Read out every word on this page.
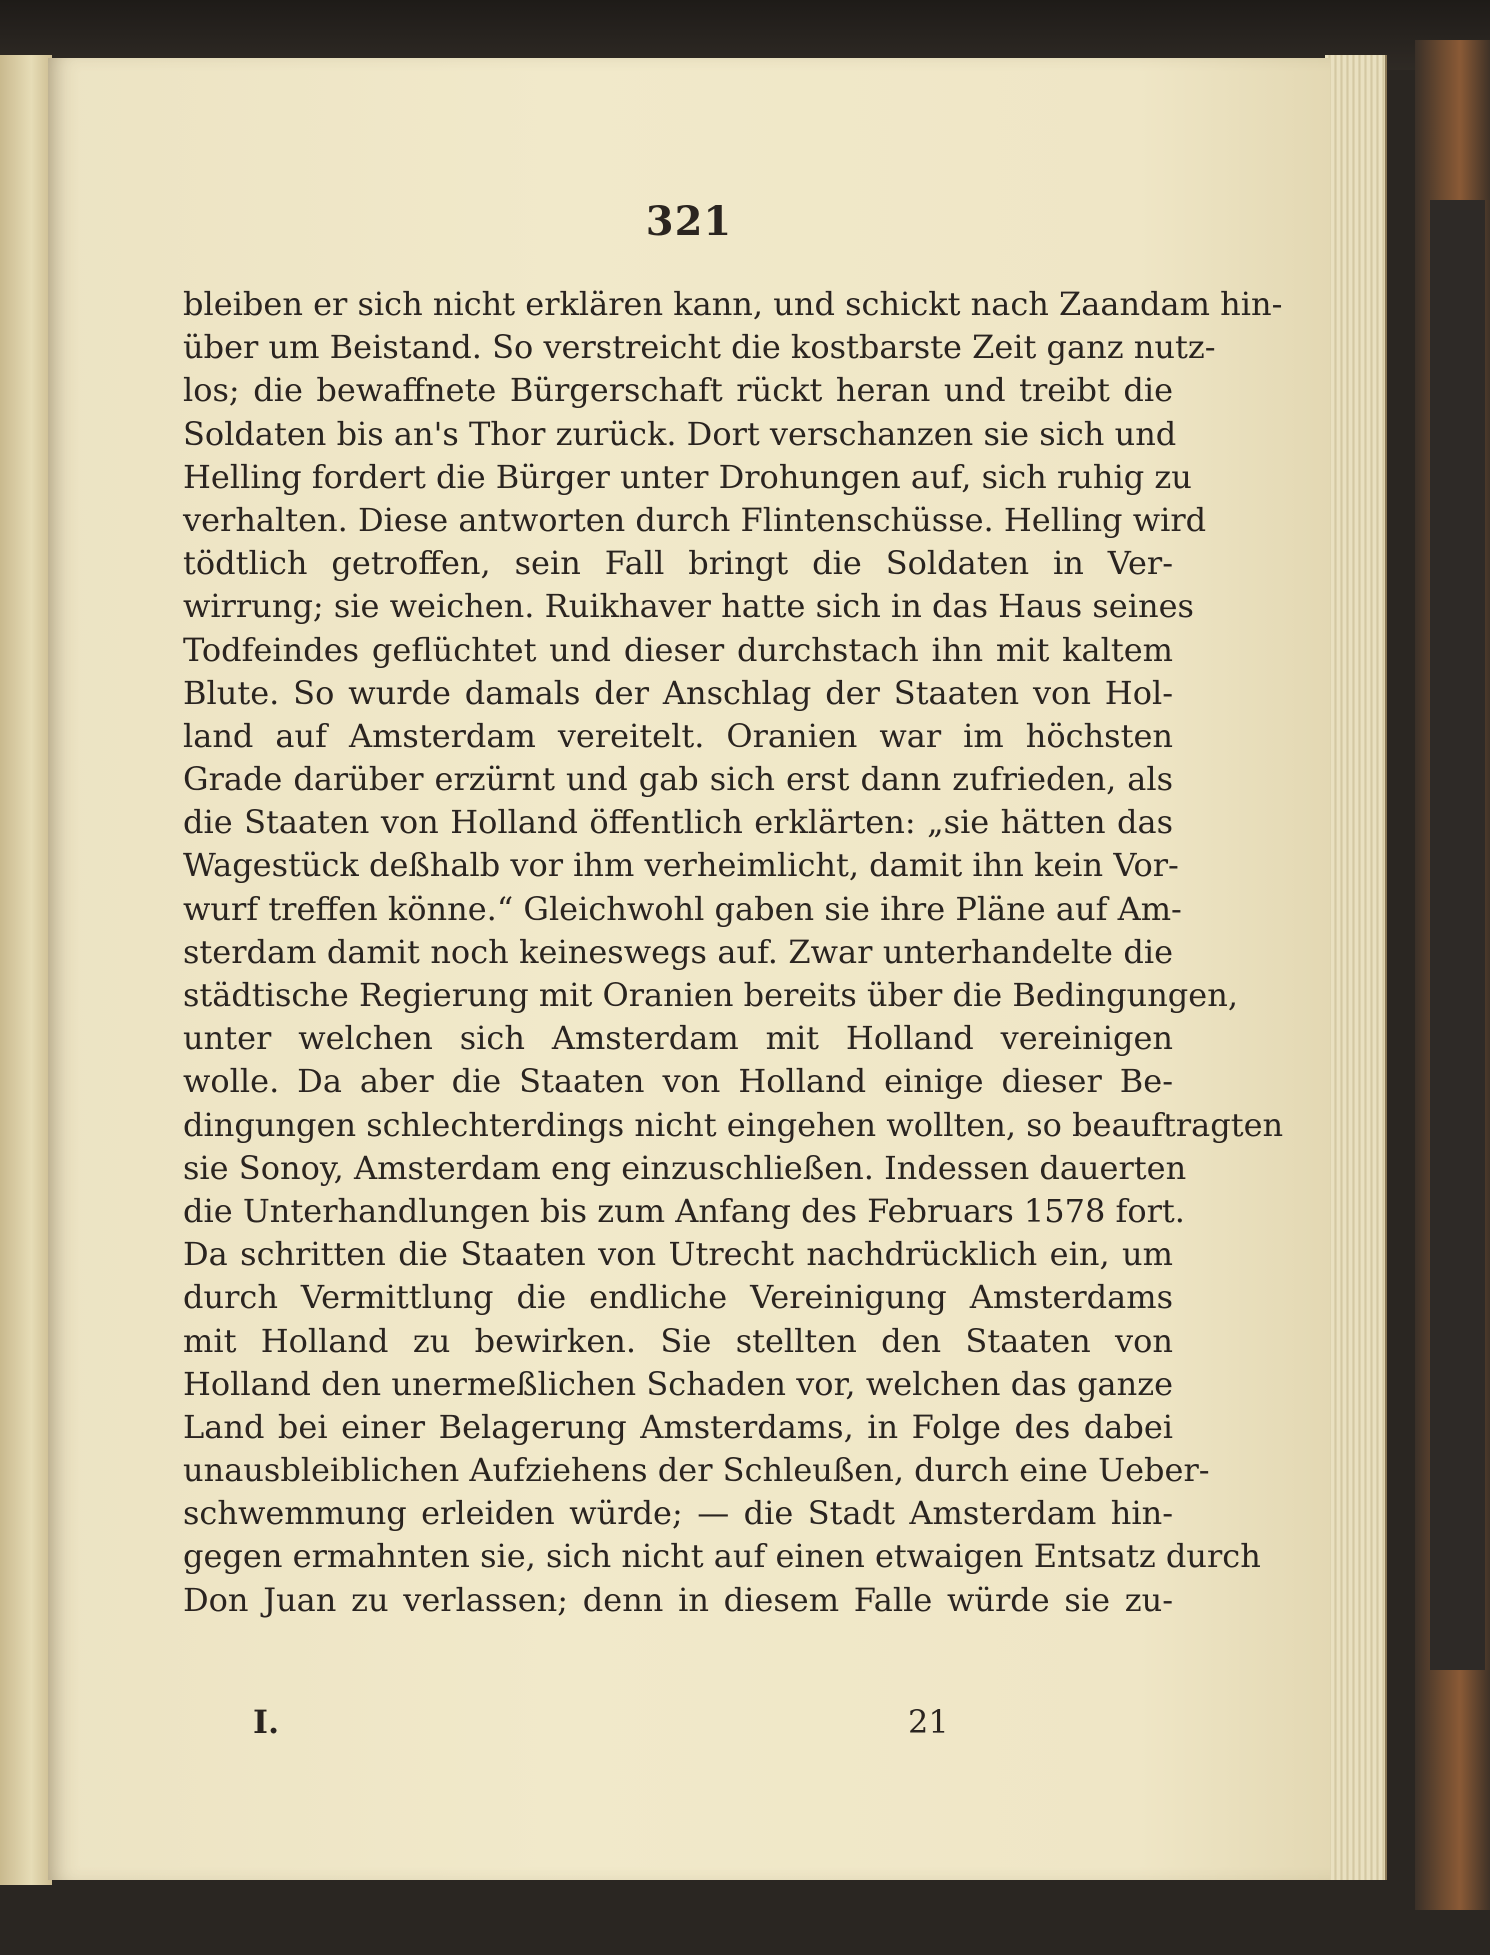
321
bleiben er sich nicht erklären kann, und schickt nach Zaandam hin-
über um Beistand. So verstreicht die kostbarste Zeit ganz nutz-
los; die bewaffnete Bürgerschaft rückt heran und treibt die
Soldaten bis an's Thor zurück. Dort verschanzen sie sich und
Helling fordert die Bürger unter Drohungen auf, sich ruhig zu
verhalten. Diese antworten durch Flintenschüsse. Helling wird
tödtlich getroffen, sein Fall bringt die Soldaten in Ver-
wirrung; sie weichen. Ruikhaver hatte sich in das Haus seines
Todfeindes geflüchtet und dieser durchstach ihn mit kaltem
Blute. So wurde damals der Anschlag der Staaten von Hol-
land auf Amsterdam vereitelt. Oranien war im höchsten
Grade darüber erzürnt und gab sich erst dann zufrieden, als
die Staaten von Holland öffentlich erklärten: „sie hätten das
Wagestück deßhalb vor ihm verheimlicht, damit ihn kein Vor-
wurf treffen könne.“ Gleichwohl gaben sie ihre Pläne auf Am-
sterdam damit noch keineswegs auf. Zwar unterhandelte die
städtische Regierung mit Oranien bereits über die Bedingungen,
unter welchen sich Amsterdam mit Holland vereinigen
wolle. Da aber die Staaten von Holland einige dieser Be-
dingungen schlechterdings nicht eingehen wollten, so beauftragten
sie Sonoy, Amsterdam eng einzuschließen. Indessen dauerten
die Unterhandlungen bis zum Anfang des Februars 1578 fort.
Da schritten die Staaten von Utrecht nachdrücklich ein, um
durch Vermittlung die endliche Vereinigung Amsterdams
mit Holland zu bewirken. Sie stellten den Staaten von
Holland den unermeßlichen Schaden vor, welchen das ganze
Land bei einer Belagerung Amsterdams, in Folge des dabei
unausbleiblichen Aufziehens der Schleußen, durch eine Ueber-
schwemmung erleiden würde; — die Stadt Amsterdam hin-
gegen ermahnten sie, sich nicht auf einen etwaigen Entsatz durch
Don Juan zu verlassen; denn in diesem Falle würde sie zu-
I.	21
